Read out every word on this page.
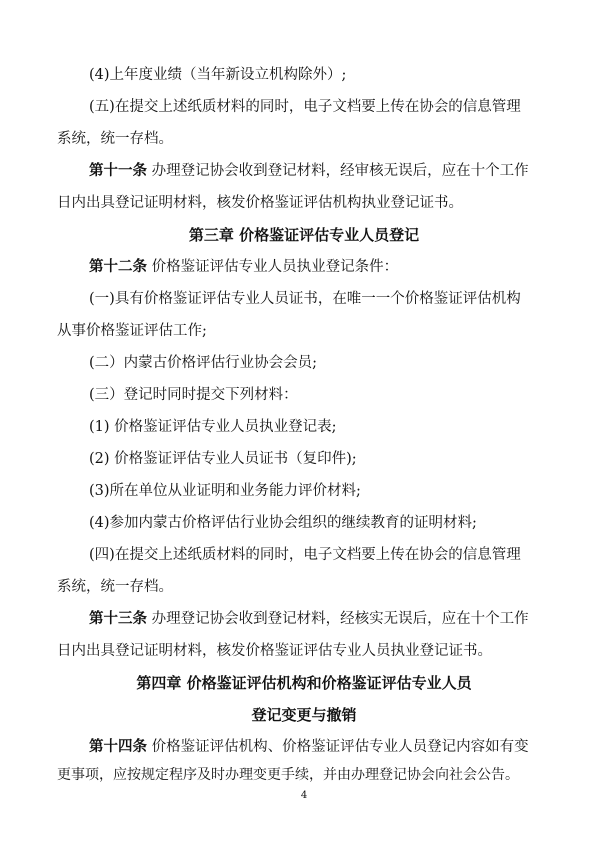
(4)上年度业绩（当年新设立机构除外）;
(五)在提交上述纸质材料的同时，电子文档要上传在协会的信息管理
系统，统一存档。
第十一条 办理登记协会收到登记材料，经审核无误后，应在十个工作
日内出具登记证明材料，核发价格鉴证评估机构执业登记证书。
第三章 价格鉴证评估专业人员登记
第十二条 价格鉴证评估专业人员执业登记条件：
(一)具有价格鉴证评估专业人员证书，在唯一一个价格鉴证评估机构
从事价格鉴证评估工作;
(二）内蒙古价格评估行业协会会员;
(三）登记时同时提交下列材料：
(1) 价格鉴证评估专业人员执业登记表;
(2) 价格鉴证评估专业人员证书（复印件);
(3)所在单位从业证明和业务能力评价材料;
(4)参加内蒙古价格评估行业协会组织的继续教育的证明材料;
(四)在提交上述纸质材料的同时，电子文档要上传在协会的信息管理
系统，统一存档。
第十三条 办理登记协会收到登记材料，经核实无误后，应在十个工作
日内出具登记证明材料，核发价格鉴证评估专业人员执业登记证书。
第四章 价格鉴证评估机构和价格鉴证评估专业人员
登记变更与撤销
第十四条 价格鉴证评估机构、价格鉴证评估专业人员登记内容如有变
更事项，应按规定程序及时办理变更手续，并由办理登记协会向社会公告。
4
